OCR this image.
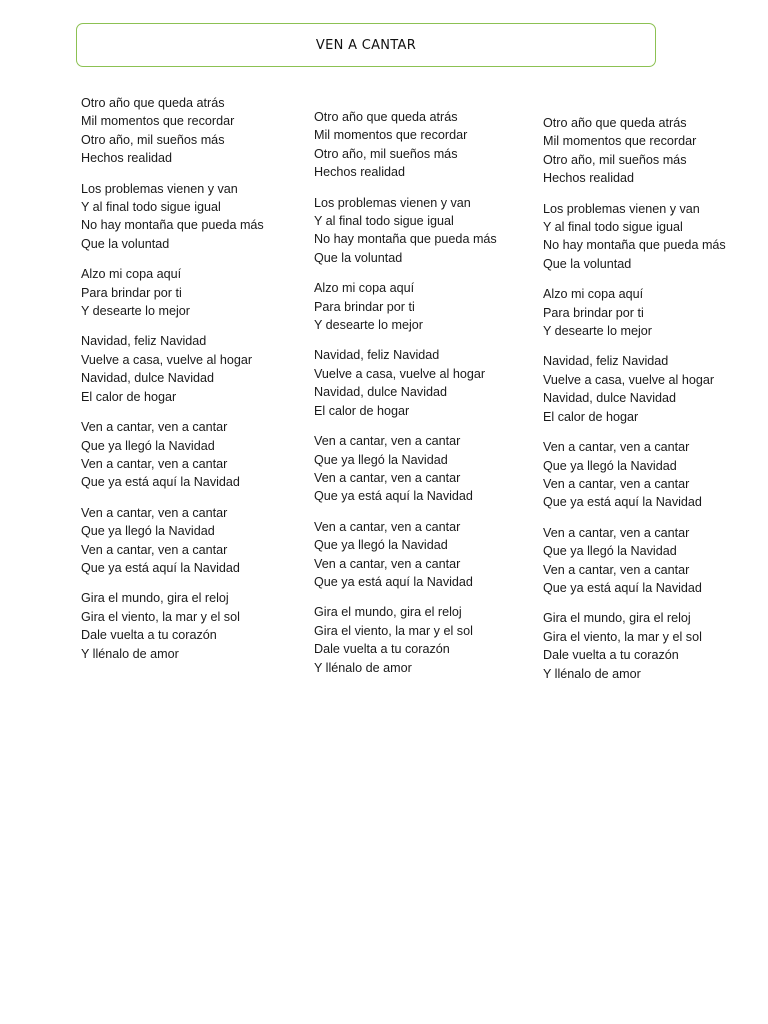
VEN A CANTAR
Otro año que queda atrás
Mil momentos que recordar
Otro año, mil sueños más
Hechos realidad
Los problemas vienen y van
Y al final todo sigue igual
No hay montaña que pueda más
Que la voluntad
Alzo mi copa aquí
Para brindar por ti
Y desearte lo mejor
Navidad, feliz Navidad
Vuelve a casa, vuelve al hogar
Navidad, dulce Navidad
El calor de hogar
Ven a cantar, ven a cantar
Que ya llegó la Navidad
Ven a cantar, ven a cantar
Que ya está aquí la Navidad
Ven a cantar, ven a cantar
Que ya llegó la Navidad
Ven a cantar, ven a cantar
Que ya está aquí la Navidad
Gira el mundo, gira el reloj
Gira el viento, la mar y el sol
Dale vuelta a tu corazón
Y llénalo de amor
Otro año que queda atrás
Mil momentos que recordar
Otro año, mil sueños más
Hechos realidad
Los problemas vienen y van
Y al final todo sigue igual
No hay montaña que pueda más
Que la voluntad
Alzo mi copa aquí
Para brindar por ti
Y desearte lo mejor
Navidad, feliz Navidad
Vuelve a casa, vuelve al hogar
Navidad, dulce Navidad
El calor de hogar
Ven a cantar, ven a cantar
Que ya llegó la Navidad
Ven a cantar, ven a cantar
Que ya está aquí la Navidad
Ven a cantar, ven a cantar
Que ya llegó la Navidad
Ven a cantar, ven a cantar
Que ya está aquí la Navidad
Gira el mundo, gira el reloj
Gira el viento, la mar y el sol
Dale vuelta a tu corazón
Y llénalo de amor
Otro año que queda atrás
Mil momentos que recordar
Otro año, mil sueños más
Hechos realidad
Los problemas vienen y van
Y al final todo sigue igual
No hay montaña que pueda más
Que la voluntad
Alzo mi copa aquí
Para brindar por ti
Y desearte lo mejor
Navidad, feliz Navidad
Vuelve a casa, vuelve al hogar
Navidad, dulce Navidad
El calor de hogar
Ven a cantar, ven a cantar
Que ya llegó la Navidad
Ven a cantar, ven a cantar
Que ya está aquí la Navidad
Ven a cantar, ven a cantar
Que ya llegó la Navidad
Ven a cantar, ven a cantar
Que ya está aquí la Navidad
Gira el mundo, gira el reloj
Gira el viento, la mar y el sol
Dale vuelta a tu corazón
Y llénalo de amor
